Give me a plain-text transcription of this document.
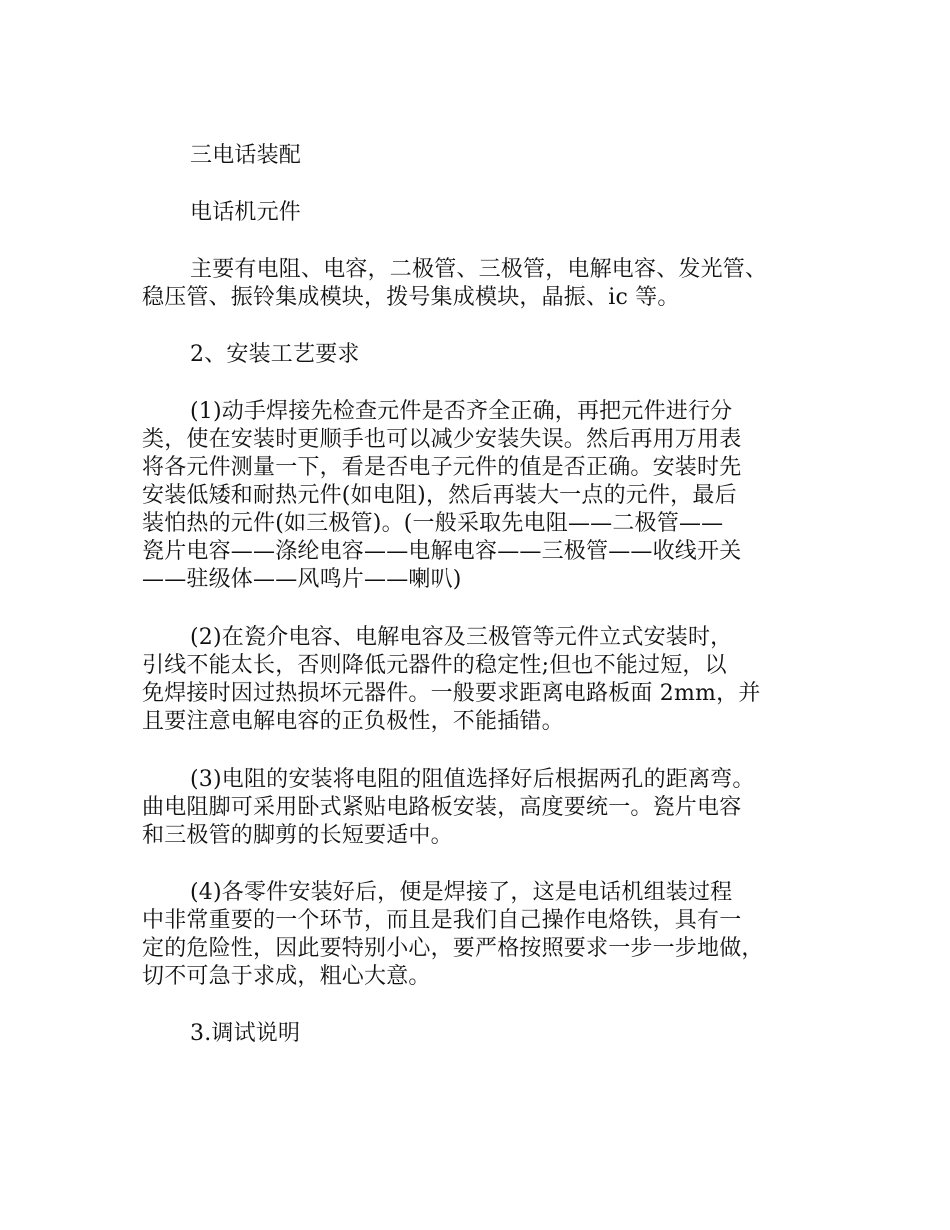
三电话装配
电话机元件
主要有电阻、电容，二极管、三极管，电解电容、发光管、
稳压管、振铃集成模块，拨号集成模块，晶振、ic 等。
2、安装工艺要求
(1)动手焊接先检查元件是否齐全正确，再把元件进行分
类，使在安装时更顺手也可以减少安装失误。然后再用万用表
将各元件测量一下，看是否电子元件的值是否正确。安装时先
安装低矮和耐热元件(如电阻)，然后再装大一点的元件，最后
装怕热的元件(如三极管)。(一般采取先电阻——二极管——
瓷片电容——涤纶电容——电解电容——三极管——收线开关
——驻级体——风鸣片——喇叭)
(2)在瓷介电容、电解电容及三极管等元件立式安装时，
引线不能太长，否则降低元器件的稳定性;但也不能过短，以
免焊接时因过热损坏元器件。一般要求距离电路板面 2mm，并
且要注意电解电容的正负极性，不能插错。
(3)电阻的安装将电阻的阻值选择好后根据两孔的距离弯。
曲电阻脚可采用卧式紧贴电路板安装，高度要统一。瓷片电容
和三极管的脚剪的长短要适中。
(4)各零件安装好后，便是焊接了，这是电话机组装过程
中非常重要的一个环节，而且是我们自己操作电烙铁，具有一
定的危险性，因此要特别小心，要严格按照要求一步一步地做，
切不可急于求成，粗心大意。
3.调试说明
